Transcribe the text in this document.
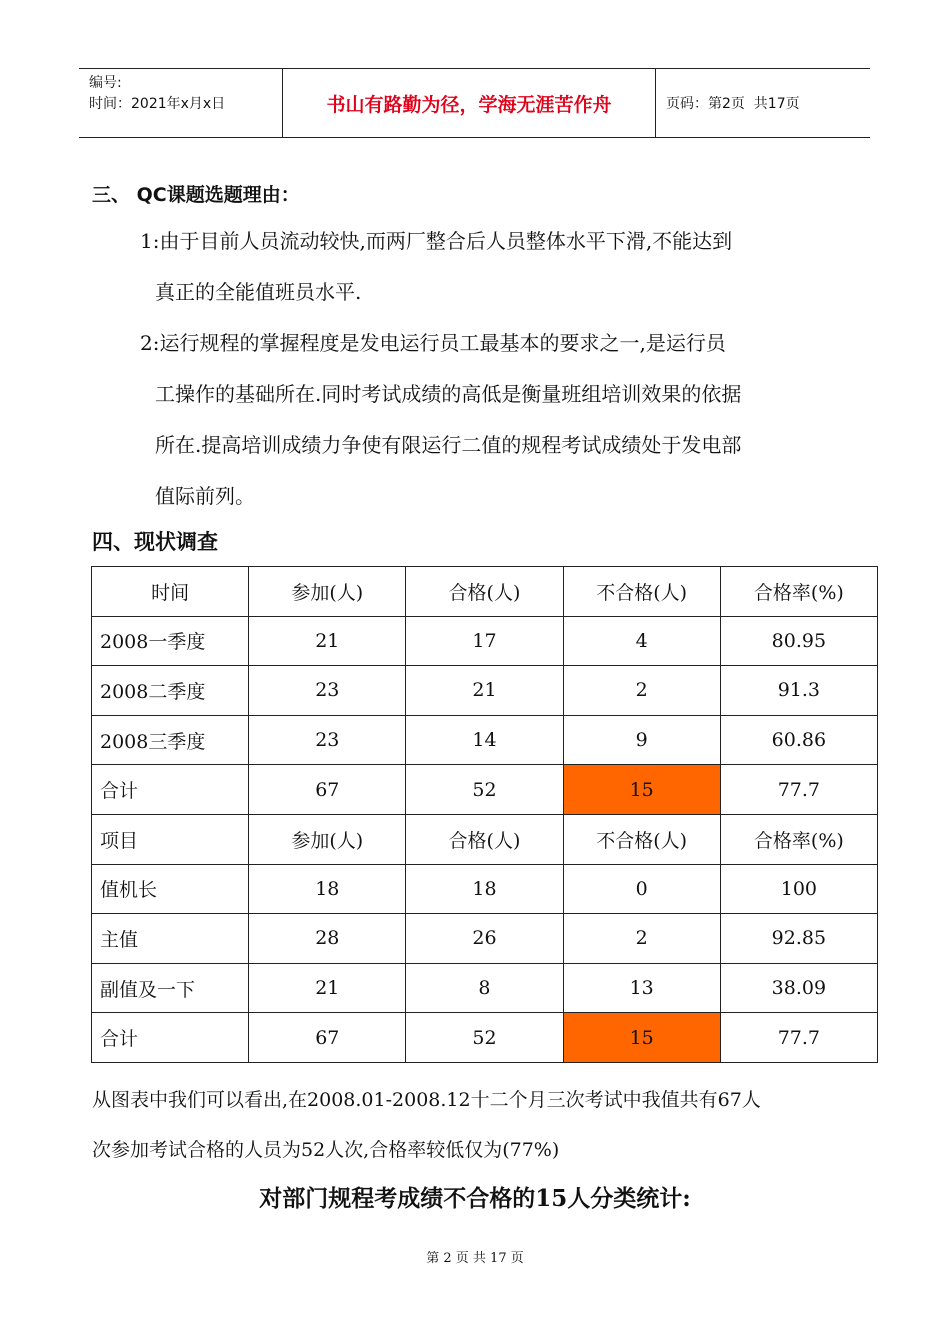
编号:
时间：2021年x月x日	书山有路勤为径，学海无涯苦作舟	页码：第2页  共17页
三、 QC课题选题理由：
1:由于目前人员流动较快,而两厂整合后人员整体水平下滑,不能达到
真正的全能值班员水平.
2:运行规程的掌握程度是发电运行员工最基本的要求之一,是运行员
工操作的基础所在.同时考试成绩的高低是衡量班组培训效果的依据
所在.提高培训成绩力争使有限运行二值的规程考试成绩处于发电部
值际前列。
四、现状调查
时间	参加(人)	合格(人)	不合格(人)	合格率(%)
2008一季度	21	17	4	80.95
2008二季度	23	21	2	91.3
2008三季度	23	14	9	60.86
合计	67	52	15	77.7
项目	参加(人)	合格(人)	不合格(人)	合格率(%)
值机长	18	18	0	100
主值	28	26	2	92.85
副值及一下	21	8	13	38.09
合计	67	52	15	77.7
从图表中我们可以看出,在2008.01-2008.12十二个月三次考试中我值共有67人
次参加考试合格的人员为52人次,合格率较低仅为(77%)
对部门规程考成绩不合格的15人分类统计:
第 2 页 共 17 页
